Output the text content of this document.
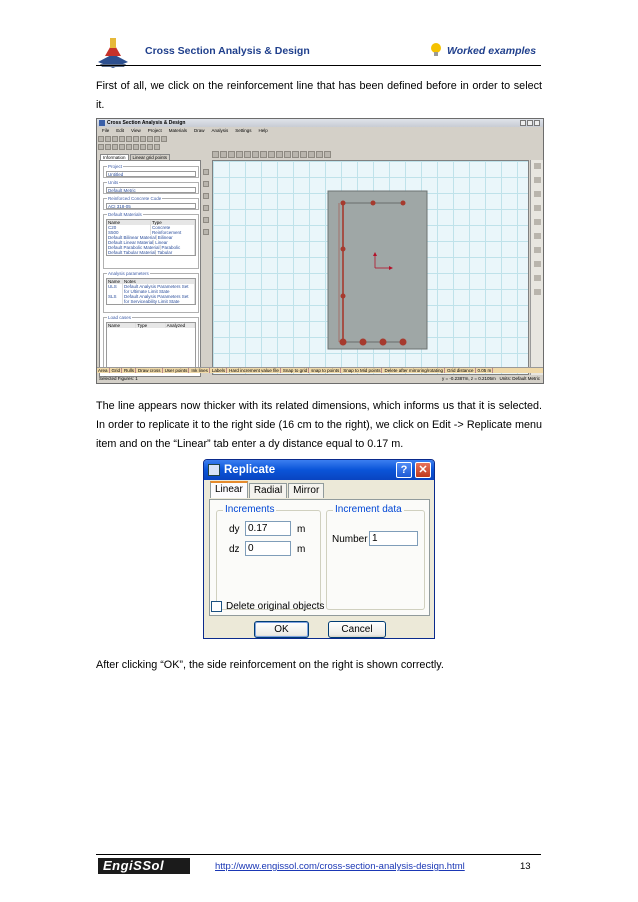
Cross Section Analysis & Design	Worked examples
First of all, we click on the reinforcement line that has been defined before in order to select it.
Cross Section Analysis & Design
File Edit View Project Materials Draw Analysis Settings Help
Information	Linear grid points
Project
Untitled
Units
Default Metric
Reinforced Concrete Code
ACI 318-05
Default Materials
Name	Type
C20	Concrete
S500	Reinforcement
Default Bilinear Material Bilinear
Default Linear Material Linear
Default Parabolic Material Parabolic
Default Tabular Material Tabular
Analysis parameters
Name Notes
ULS	Default Analysis Parameters Set for Ultimate Limit State
SLS	Default Analysis Parameters Set for Serviceability Limit State
Load cases
Name	Type	Analyzed
Area Grid Rulls Draw cross User points Ink lines Labels Hard increment value file Snap to grid snap to points Snap to Mid points Delete after mirroring/rotating Grid distance 0.05 m
Selected Figures: 1	y = -0.2387m, z = 0.2105m Units: Default Metric
The line appears now thicker with its related dimensions, which informs us that it is selected. In order to replicate it to the right side (16 cm to the right), we click on Edit -> Replicate menu item and on the “Linear” tab enter a dy distance equal to 0.17 m.
Replicate	?	✕
Linear	Radial	Mirror
Increments
dy 0.17	m
dz 0	m
Increment data
Number 1
Delete original objects
OK	Cancel
After clicking “OK”, the side reinforcement on the right is shown correctly.
EngiSSol	http://www.engissol.com/cross-section-analysis-design.html	13
